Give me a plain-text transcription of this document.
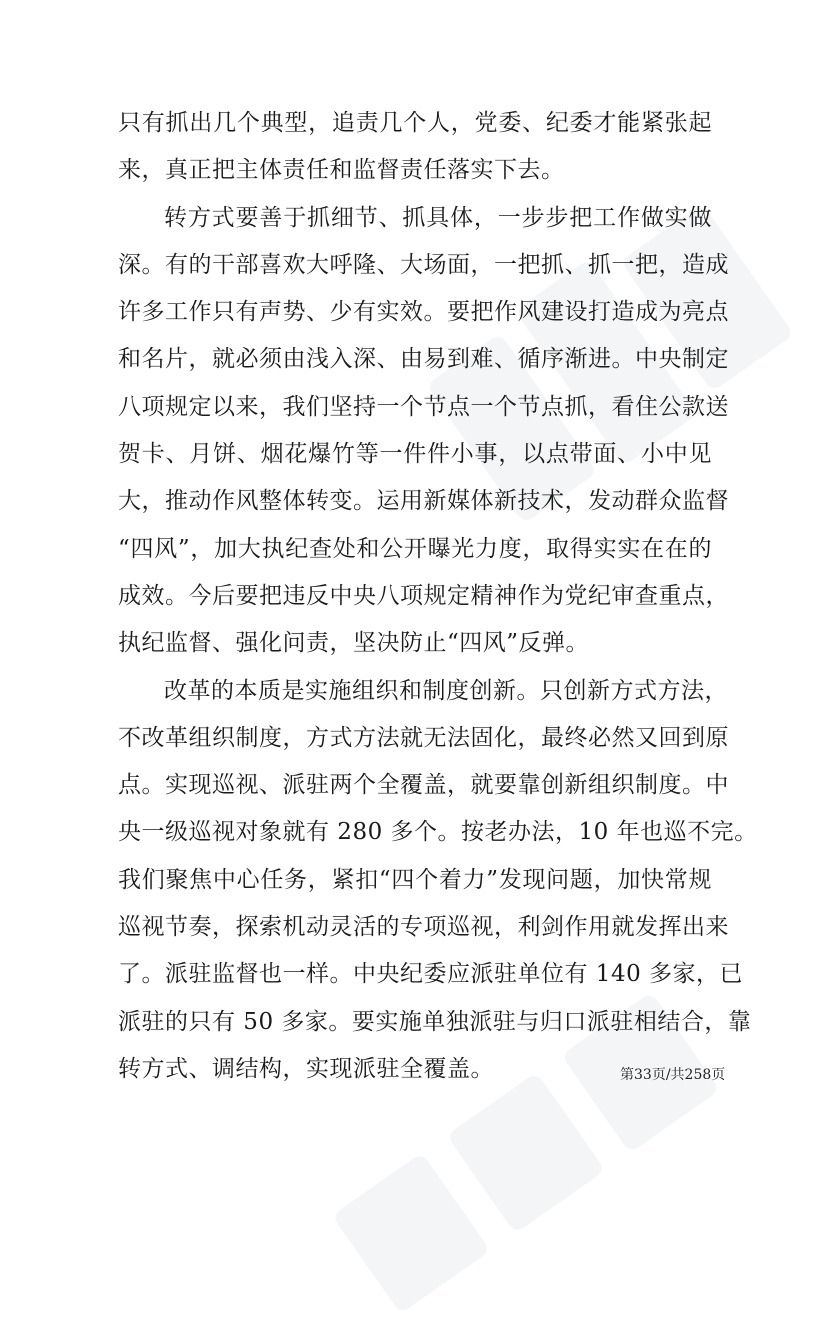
只有抓出几个典型，追责几个人，党委、纪委才能紧张起
来，真正把主体责任和监督责任落实下去。
转方式要善于抓细节、抓具体，一步步把工作做实做
深。有的干部喜欢大呼隆、大场面，一把抓、抓一把，造成
许多工作只有声势、少有实效。要把作风建设打造成为亮点
和名片，就必须由浅入深、由易到难、循序渐进。中央制定
八项规定以来，我们坚持一个节点一个节点抓，看住公款送
贺卡、月饼、烟花爆竹等一件件小事，以点带面、小中见
大，推动作风整体转变。运用新媒体新技术，发动群众监督
“四风”，加大执纪查处和公开曝光力度，取得实实在在的
成效。今后要把违反中央八项规定精神作为党纪审查重点，
执纪监督、强化问责，坚决防止“四风”反弹。
改革的本质是实施组织和制度创新。只创新方式方法，
不改革组织制度，方式方法就无法固化，最终必然又回到原
点。实现巡视、派驻两个全覆盖，就要靠创新组织制度。中
央一级巡视对象就有 280 多个。按老办法，10 年也巡不完。
我们聚焦中心任务，紧扣“四个着力”发现问题，加快常规
巡视节奏，探索机动灵活的专项巡视，利剑作用就发挥出来
了。派驻监督也一样。中央纪委应派驻单位有 140 多家，已
派驻的只有 50 多家。要实施单独派驻与归口派驻相结合，靠
转方式、调结构，实现派驻全覆盖。	第33页/共258页
